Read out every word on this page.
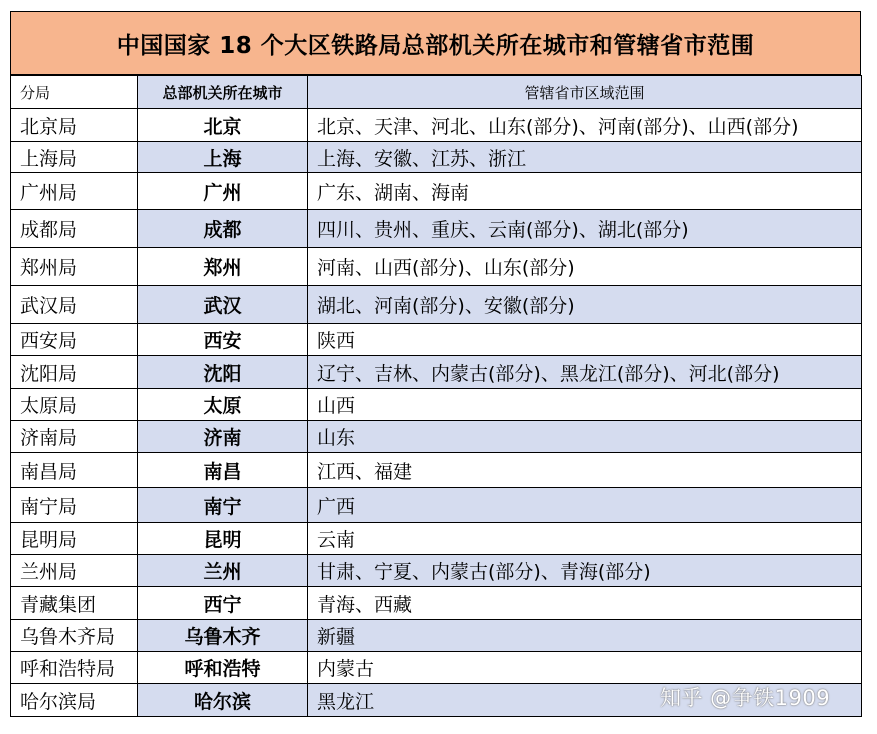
中国国家 18 个大区铁路局总部机关所在城市和管辖省市范围
分局	总部机关所在城市	管辖省市区域范围
北京局	北京	北京、天津、河北、山东(部分)、河南(部分)、山西(部分)
上海局	上海	上海、安徽、江苏、浙江
广州局	广州	广东、湖南、海南
成都局	成都	四川、贵州、重庆、云南(部分)、湖北(部分)
郑州局	郑州	河南、山西(部分)、山东(部分)
武汉局	武汉	湖北、河南(部分)、安徽(部分)
西安局	西安	陕西
沈阳局	沈阳	辽宁、吉林、内蒙古(部分)、黑龙江(部分)、河北(部分)
太原局	太原	山西
济南局	济南	山东
南昌局	南昌	江西、福建
南宁局	南宁	广西
昆明局	昆明	云南
兰州局	兰州	甘肃、宁夏、内蒙古(部分)、青海(部分)
青藏集团	西宁	青海、西藏
乌鲁木齐局	乌鲁木齐	新疆
呼和浩特局	呼和浩特	内蒙古
哈尔滨局	哈尔滨	黑龙江	知乎 @争铁1909
